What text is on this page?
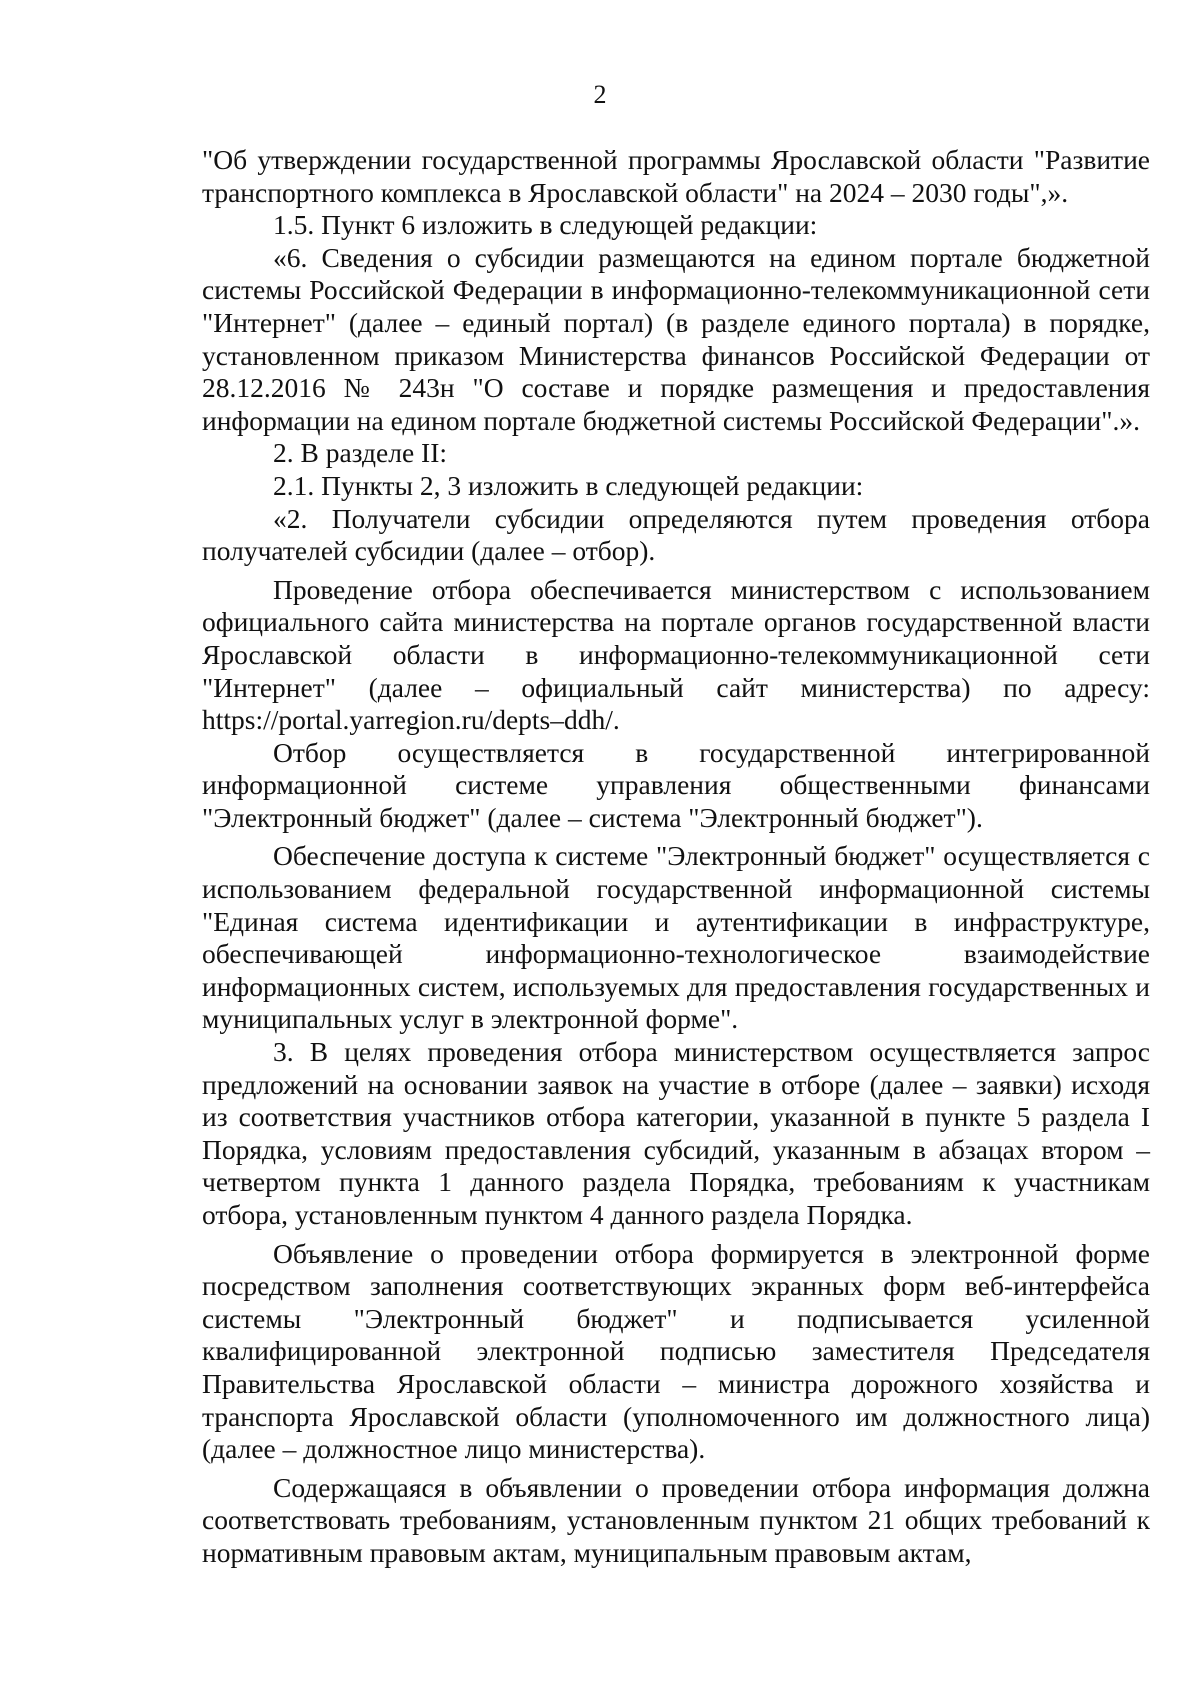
2

"Об утверждении государственной программы Ярославской области "Развитие транспортного комплекса в Ярославской области" на 2024 – 2030 годы",».

1.5. Пункт 6 изложить в следующей редакции:

«6. Сведения о субсидии размещаются на едином портале бюджетной системы Российской Федерации в информационно-телекоммуникационной сети "Интернет" (далее – единый портал) (в разделе единого портала) в порядке, установленном приказом Министерства финансов Российской Федерации от 28.12.2016 № 243н "О составе и порядке размещения и предоставления информации на едином портале бюджетной системы Российской Федерации".».

2. В разделе II:

2.1. Пункты 2, 3 изложить в следующей редакции:

«2. Получатели субсидии определяются путем проведения отбора получателей субсидии (далее – отбор).

Проведение отбора обеспечивается министерством с использованием официального сайта министерства на портале органов государственной власти Ярославской области в информационно-телекоммуникационной сети "Интернет" (далее – официальный сайт министерства) по адресу: https://portal.yarregion.ru/depts–ddh/.

Отбор осуществляется в государственной интегрированной информационной системе управления общественными финансами "Электронный бюджет" (далее – система "Электронный бюджет").

Обеспечение доступа к системе "Электронный бюджет" осуществляется с использованием федеральной государственной информационной системы "Единая система идентификации и аутентификации в инфраструктуре, обеспечивающей информационно-технологическое взаимодействие информационных систем, используемых для предоставления государственных и муниципальных услуг в электронной форме".

3. В целях проведения отбора министерством осуществляется запрос предложений на основании заявок на участие в отборе (далее – заявки) исходя из соответствия участников отбора категории, указанной в пункте 5 раздела I Порядка, условиям предоставления субсидий, указанным в абзацах втором – четвертом пункта 1 данного раздела Порядка, требованиям к участникам отбора, установленным пунктом 4 данного раздела Порядка.

Объявление о проведении отбора формируется в электронной форме посредством заполнения соответствующих экранных форм веб-интерфейса системы "Электронный бюджет" и подписывается усиленной квалифицированной электронной подписью заместителя Председателя Правительства Ярославской области – министра дорожного хозяйства и транспорта Ярославской области (уполномоченного им должностного лица) (далее – должностное лицо министерства).

Содержащаяся в объявлении о проведении отбора информация должна соответствовать требованиям, установленным пунктом 21 общих требований к нормативным правовым актам, муниципальным правовым актам,
